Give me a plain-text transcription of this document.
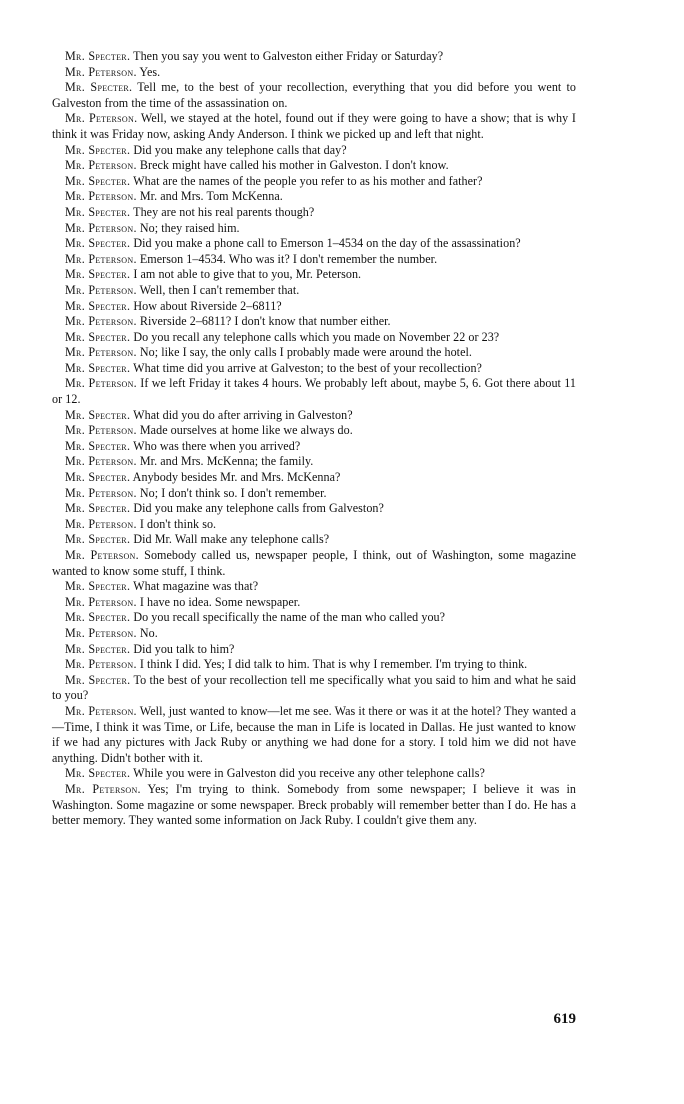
Mr. Specter. Then you say you went to Galveston either Friday or Saturday?

Mr. Peterson. Yes.

Mr. Specter. Tell me, to the best of your recollection, everything that you did before you went to Galveston from the time of the assassination on.

Mr. Peterson. Well, we stayed at the hotel, found out if they were going to have a show; that is why I think it was Friday now, asking Andy Anderson. I think we picked up and left that night.

Mr. Specter. Did you make any telephone calls that day?

Mr. Peterson. Breck might have called his mother in Galveston. I don't know.

Mr. Specter. What are the names of the people you refer to as his mother and father?

Mr. Peterson. Mr. and Mrs. Tom McKenna.

Mr. Specter. They are not his real parents though?

Mr. Peterson. No; they raised him.

Mr. Specter. Did you make a phone call to Emerson 1–4534 on the day of the assassination?

Mr. Peterson. Emerson 1–4534. Who was it? I don't remember the number.

Mr. Specter. I am not able to give that to you, Mr. Peterson.

Mr. Peterson. Well, then I can't remember that.

Mr. Specter. How about Riverside 2–6811?

Mr. Peterson. Riverside 2–6811? I don't know that number either.

Mr. Specter. Do you recall any telephone calls which you made on November 22 or 23?

Mr. Peterson. No; like I say, the only calls I probably made were around the hotel.

Mr. Specter. What time did you arrive at Galveston; to the best of your recollection?

Mr. Peterson. If we left Friday it takes 4 hours. We probably left about, maybe 5, 6. Got there about 11 or 12.

Mr. Specter. What did you do after arriving in Galveston?

Mr. Peterson. Made ourselves at home like we always do.

Mr. Specter. Who was there when you arrived?

Mr. Peterson. Mr. and Mrs. McKenna; the family.

Mr. Specter. Anybody besides Mr. and Mrs. McKenna?

Mr. Peterson. No; I don't think so. I don't remember.

Mr. Specter. Did you make any telephone calls from Galveston?

Mr. Peterson. I don't think so.

Mr. Specter. Did Mr. Wall make any telephone calls?

Mr. Peterson. Somebody called us, newspaper people, I think, out of Washington, some magazine wanted to know some stuff, I think.

Mr. Specter. What magazine was that?

Mr. Peterson. I have no idea. Some newspaper.

Mr. Specter. Do you recall specifically the name of the man who called you?

Mr. Peterson. No.

Mr. Specter. Did you talk to him?

Mr. Peterson. I think I did. Yes; I did talk to him. That is why I remember. I'm trying to think.

Mr. Specter. To the best of your recollection tell me specifically what you said to him and what he said to you?

Mr. Peterson. Well, just wanted to know—let me see. Was it there or was it at the hotel? They wanted a—Time, I think it was Time, or Life, because the man in Life is located in Dallas. He just wanted to know if we had any pictures with Jack Ruby or anything we had done for a story. I told him we did not have anything. Didn't bother with it.

Mr. Specter. While you were in Galveston did you receive any other telephone calls?

Mr. Peterson. Yes; I'm trying to think. Somebody from some newspaper; I believe it was in Washington. Some magazine or some newspaper. Breck probably will remember better than I do. He has a better memory. They wanted some information on Jack Ruby. I couldn't give them any.

619
